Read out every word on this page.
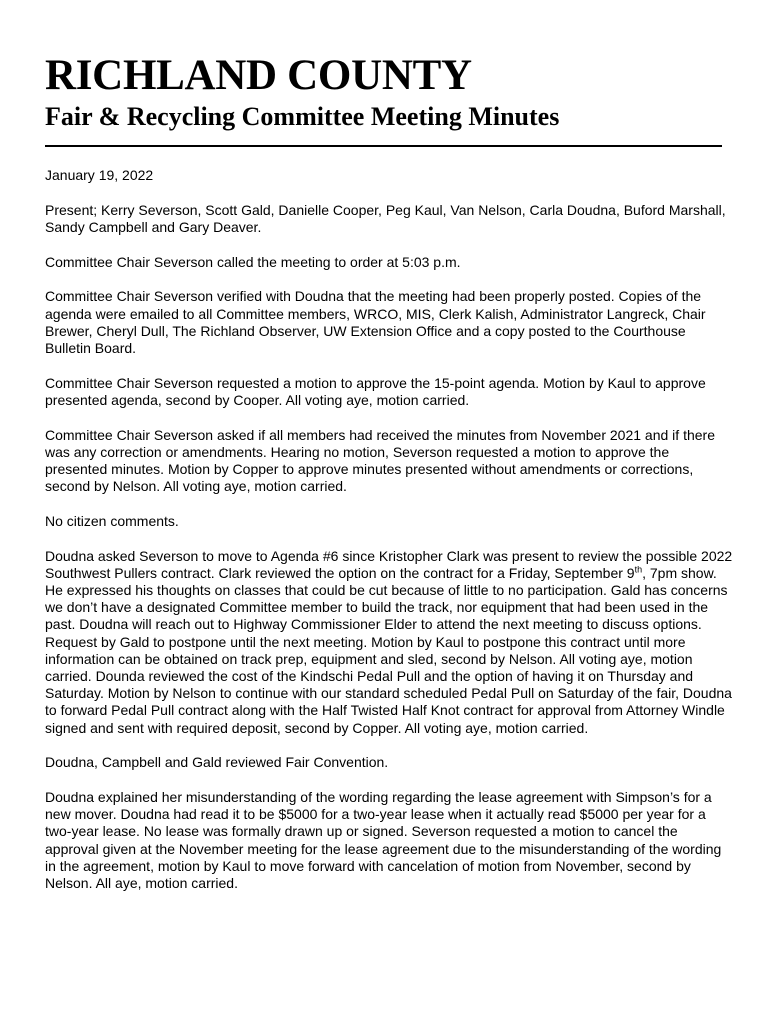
RICHLAND COUNTY
Fair & Recycling Committee Meeting Minutes

January 19, 2022

Present; Kerry Severson, Scott Gald, Danielle Cooper, Peg Kaul, Van Nelson, Carla Doudna, Buford Marshall, Sandy Campbell and Gary Deaver.

Committee Chair Severson called the meeting to order at 5:03 p.m.

Committee Chair Severson verified with Doudna that the meeting had been properly posted. Copies of the agenda were emailed to all Committee members, WRCO, MIS, Clerk Kalish, Administrator Langreck, Chair Brewer, Cheryl Dull, The Richland Observer, UW Extension Office and a copy posted to the Courthouse Bulletin Board.

Committee Chair Severson requested a motion to approve the 15-point agenda. Motion by Kaul to approve presented agenda, second by Cooper. All voting aye, motion carried.

Committee Chair Severson asked if all members had received the minutes from November 2021 and if there was any correction or amendments. Hearing no motion, Severson requested a motion to approve the presented minutes. Motion by Copper to approve minutes presented without amendments or corrections, second by Nelson. All voting aye, motion carried.

No citizen comments.

Doudna asked Severson to move to Agenda #6 since Kristopher Clark was present to review the possible 2022 Southwest Pullers contract. Clark reviewed the option on the contract for a Friday, September 9th, 7pm show. He expressed his thoughts on classes that could be cut because of little to no participation. Gald has concerns we don’t have a designated Committee member to build the track, nor equipment that had been used in the past. Doudna will reach out to Highway Commissioner Elder to attend the next meeting to discuss options. Request by Gald to postpone until the next meeting. Motion by Kaul to postpone this contract until more information can be obtained on track prep, equipment and sled, second by Nelson. All voting aye, motion carried. Dounda reviewed the cost of the Kindschi Pedal Pull and the option of having it on Thursday and Saturday. Motion by Nelson to continue with our standard scheduled Pedal Pull on Saturday of the fair, Doudna to forward Pedal Pull contract along with the Half Twisted Half Knot contract for approval from Attorney Windle signed and sent with required deposit, second by Copper. All voting aye, motion carried.

Doudna, Campbell and Gald reviewed Fair Convention.

Doudna explained her misunderstanding of the wording regarding the lease agreement with Simpson’s for a new mover. Doudna had read it to be $5000 for a two-year lease when it actually read $5000 per year for a two-year lease. No lease was formally drawn up or signed. Severson requested a motion to cancel the approval given at the November meeting for the lease agreement due to the misunderstanding of the wording in the agreement, motion by Kaul to move forward with cancelation of motion from November, second by Nelson. All aye, motion carried.
